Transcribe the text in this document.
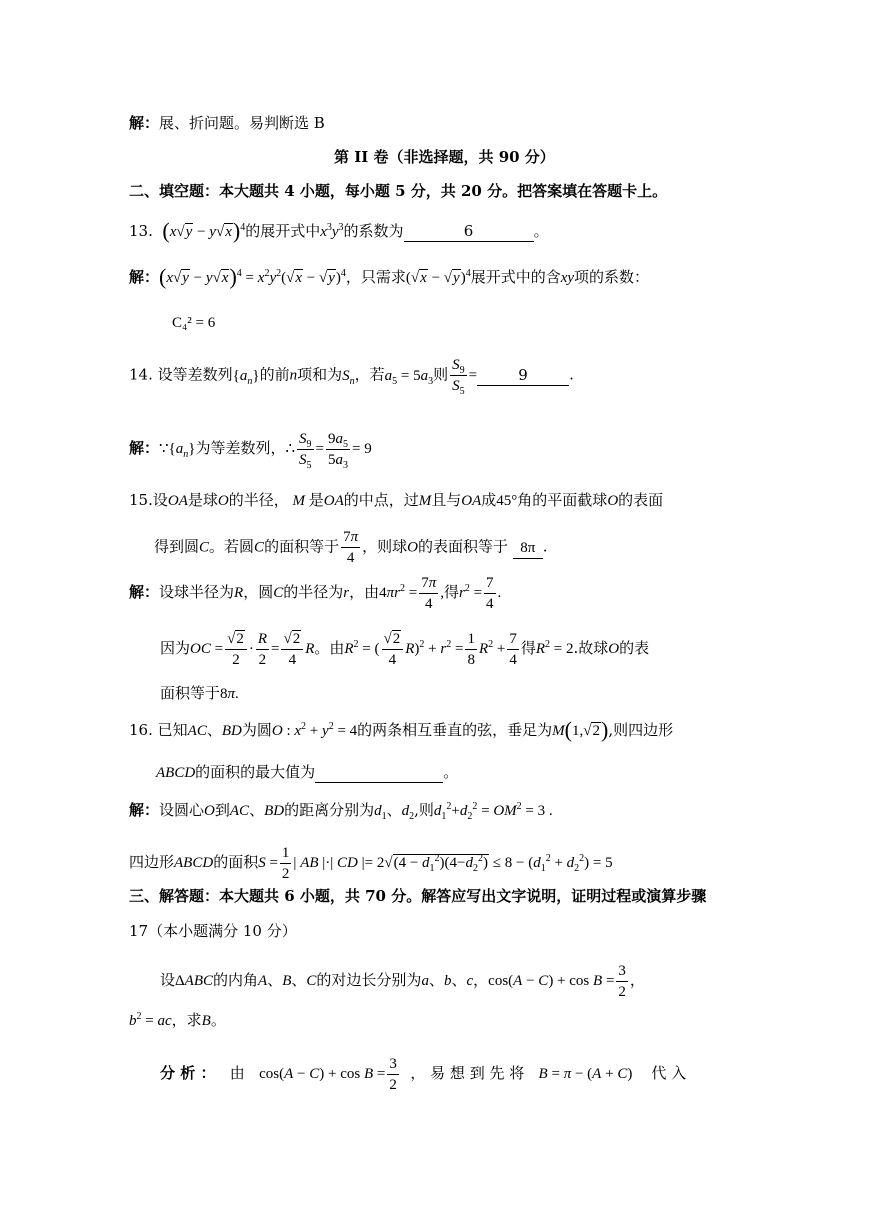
解：展、折问题。易判断选 B
第 II 卷（非选择题，共 90 分）
二、填空题：本大题共 4 小题，每小题 5 分，共 20 分。把答案填在答题卡上。
13. $(x√y - y√x)^4$的展开式中$x^3y^3$的系数为	6	。
解：$(x√y - y√x)^4 = x^2y^2(√x - √y)^4$，只需求$(√x - √y)^4$展开式中的含xy项的系数：
C₄² = 6
14. 设等差数列$\{a_n\}$的前n项和为$S_n$，若$a_5 = 5a_3$则 $\frac{S_9}{S_5}$ =	9	.
解：$\because\{a_n\}$为等差数列，∴ $\frac{S_9}{S_5} = \frac{9a_5}{5a_3} = 9$
15.设OA是球O的半径， M 是OA的中点，过M且与OA成45°角的平面截球O的表面
得到圆C。若圆C的面积等于 $\frac{7\pi}{4}$ ，则球O的表面积等于 8π .
解：设球半径为R，圆C的半径为r，由$4\pi r^2 = \frac{7\pi}{4}$ ,得$r^2 = \frac{7}{4}$ .
因为OC = $\frac{√2}{2} \cdot \frac{R}{2} = \frac{√2}{4}$ R。由$R^2$ = ( $\frac{√2}{4} R)^2 + r^2 = \frac{1}{8} R^2 + \frac{7}{4}$ 得$R^2 = 2$.故球O的表
面积等于8π.
16. 已知AC、BD为圆O : $x^2 + y^2 = 4$的两条相互垂直的弦，垂足为M(1,√2),则四边形
ABCD的面积的最大值为	。
解：设圆心O到AC、BD的距离分别为$d_1$、$d_2$,则$d_1^2+d_2^2 = OM^2 = 3$ .
四边形ABCD的面积$S = \frac{1}{2}$ | AB |·| CD |= $2√(4 - d_1^2)(4-d_2^2) \le 8 - (d_1^2 + d_2^2) = 5$
三、解答题：本大题共 6 小题，共 70 分。解答应写出文字说明，证明过程或演算步骤
17（本小题满分 10 分）
设ΔABC的内角A、B、C的对边长分别为a、b、c，$\cos(A - C) + \cos B = \frac{3}{2}$ ，
$b^2$ = ac，求B。
分 析 ： 由 $\cos(A - C) + \cos B = \frac{3}{2}$ ， 易 想 到 先 将 B = π − (A + C) 代 入
